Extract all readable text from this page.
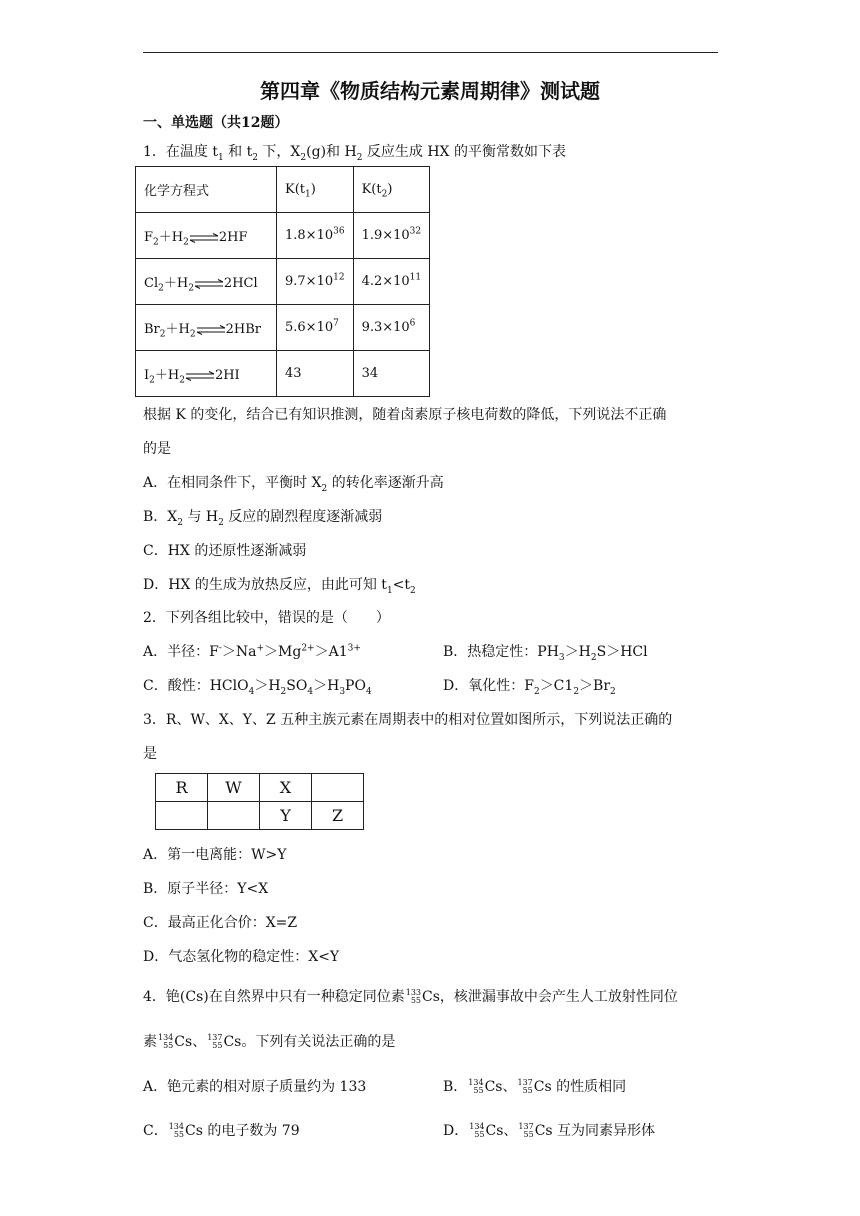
第四章《物质结构元素周期律》测试题
一、单选题（共12题）
1．在温度 $t_1$ 和 $t_2$ 下，$X_2(g)$和 $H_2$ 反应生成 HX 的平衡常数如下表
化学方程式	$K(t_1)$	$K(t_2)$
$F_2+H_2$ ⇌2HF	$1.8\times 10^{36}$	$1.9\times 10^{32}$
$Cl_2+H_2$ ⇌2HCl	$9.7\times 10^{12}$	$4.2\times 10^{11}$
$Br_2+H_2$ ⇌2HBr	$5.6\times 10^7$	$9.3\times 10^6$
$I_2+H_2$ ⇌2HI	43	34
根据 K 的变化，结合已有知识推测，随着卤素原子核电荷数的降低，下列说法不正确
的是
A．在相同条件下，平衡时 $X_2$ 的转化率逐渐升高
B．$X_2$ 与 $H_2$ 反应的剧烈程度逐渐减弱
C．HX 的还原性逐渐减弱
D．HX 的生成为放热反应，由此可知 $t_1<t_2$
2．下列各组比较中，错误的是（　　）
A．半径：$F^->Na^+>Mg^{2+}>A1^{3+}$	B．热稳定性：$PH_3>H_2S>HCl$
C．酸性：$HClO_4>H_2SO_4>H_3PO_4$	D．氧化性：$F_2>C1_2>Br_2$
3．R、W、X、Y、Z 五种主族元素在周期表中的相对位置如图所示，下列说法正确的
是
R	W	X	
		Y	Z
A．第一电离能：W>Y
B．原子半径：Y<X
C．最高正化合价：X=Z
D．气态氢化物的稳定性：X<Y
4．铯(Cs)在自然界中只有一种稳定同位素133
55Cs，核泄漏事故中会产生人工放射性同位
素134
55Cs、137
55Cs。下列有关说法正确的是
A．铯元素的相对原子质量约为 133	B．134
55Cs、137
55Cs 的性质相同
C．134
55Cs 的电子数为 79	D．134
55Cs、137
55Cs 互为同素异形体
